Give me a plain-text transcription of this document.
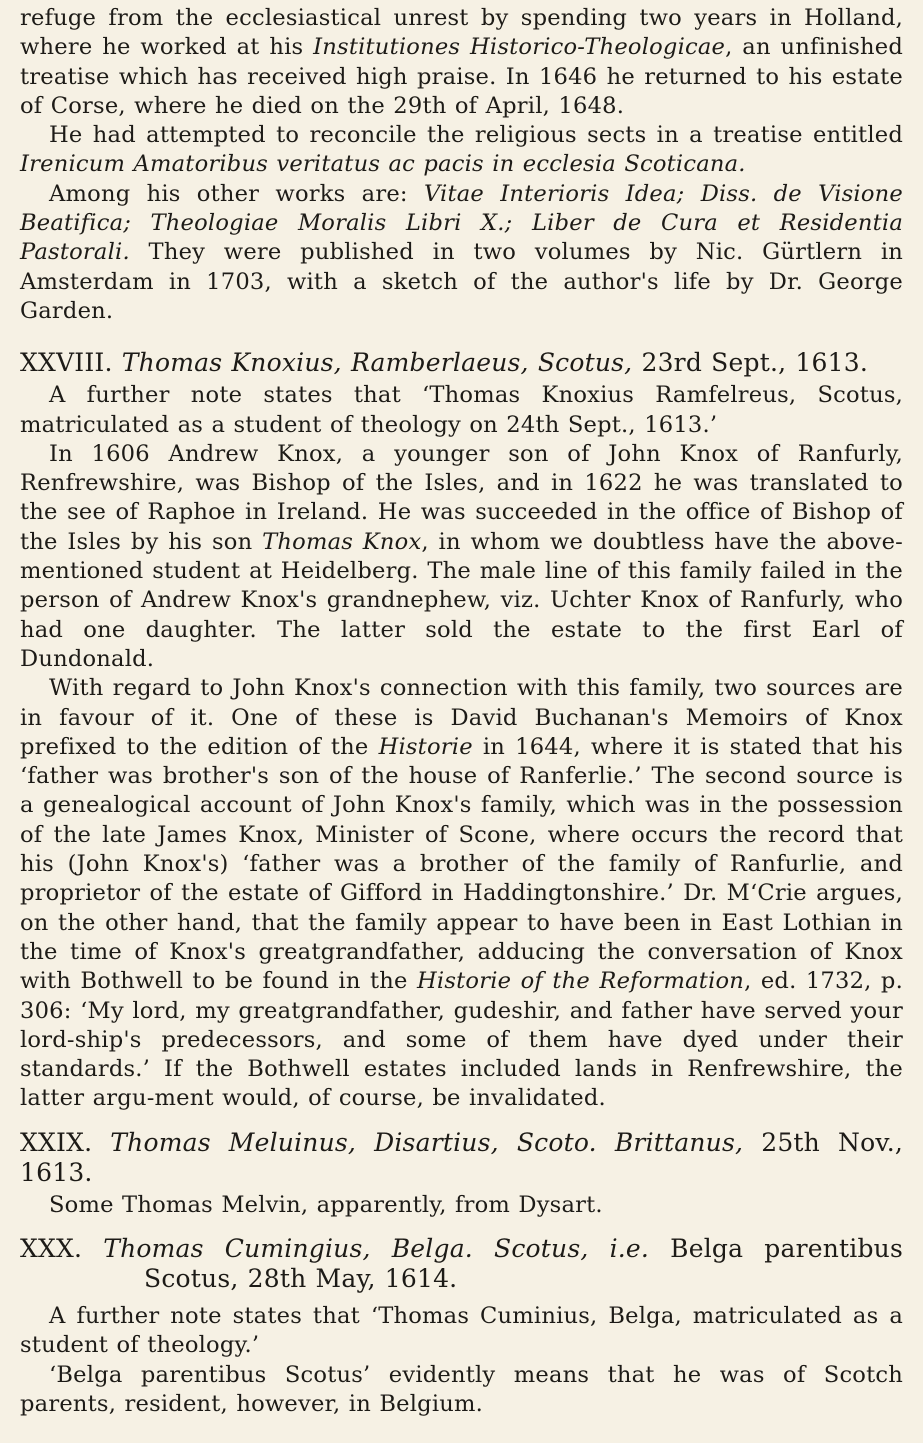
refuge from the ecclesiastical unrest by spending two years in Holland, where he worked at his Institutiones Historico-Theologicae, an unfinished treatise which has received high praise. In 1646 he returned to his estate of Corse, where he died on the 29th of April, 1648.

He had attempted to reconcile the religious sects in a treatise entitled Irenicum Amatoribus veritatus ac pacis in ecclesia Scoticana.

Among his other works are: Vitae Interioris Idea; Diss. de Visione Beatifica; Theologiae Moralis Libri X.; Liber de Cura et Residentia Pastorali. They were published in two volumes by Nic. Gürtlern in Amsterdam in 1703, with a sketch of the author's life by Dr. George Garden.

XXVIII. Thomas Knoxius, Ramberlaeus, Scotus, 23rd Sept., 1613.

A further note states that ‘Thomas Knoxius Ramfelreus, Scotus, matriculated as a student of theology on 24th Sept., 1613.’

In 1606 Andrew Knox, a younger son of John Knox of Ranfurly, Renfrewshire, was Bishop of the Isles, and in 1622 he was translated to the see of Raphoe in Ireland. He was succeeded in the office of Bishop of the Isles by his son Thomas Knox, in whom we doubtless have the above-mentioned student at Heidelberg. The male line of this family failed in the person of Andrew Knox's grandnephew, viz. Uchter Knox of Ranfurly, who had one daughter. The latter sold the estate to the first Earl of Dundonald.

With regard to John Knox's connection with this family, two sources are in favour of it. One of these is David Buchanan's Memoirs of Knox prefixed to the edition of the Historie in 1644, where it is stated that his ‘father was brother's son of the house of Ranferlie.’ The second source is a genealogical account of John Knox's family, which was in the possession of the late James Knox, Minister of Scone, where occurs the record that his (John Knox's) ‘father was a brother of the family of Ranfurlie, and proprietor of the estate of Gifford in Haddingtonshire.’ Dr. M‘Crie argues, on the other hand, that the family appear to have been in East Lothian in the time of Knox's greatgrandfather, adducing the conversation of Knox with Bothwell to be found in the Historie of the Reformation, ed. 1732, p. 306: ‘My lord, my greatgrandfather, gudeshir, and father have served your lord-ship's predecessors, and some of them have dyed under their standards.’ If the Bothwell estates included lands in Renfrewshire, the latter argu-ment would, of course, be invalidated.

XXIX. Thomas Meluinus, Disartius, Scoto. Brittanus, 25th Nov., 1613.

Some Thomas Melvin, apparently, from Dysart.

XXX. Thomas Cumingius, Belga. Scotus, i.e. Belga parentibus Scotus, 28th May, 1614.

A further note states that ‘Thomas Cuminius, Belga, matriculated as a student of theology.’

‘Belga parentibus Scotus’ evidently means that he was of Scotch parents, resident, however, in Belgium.
